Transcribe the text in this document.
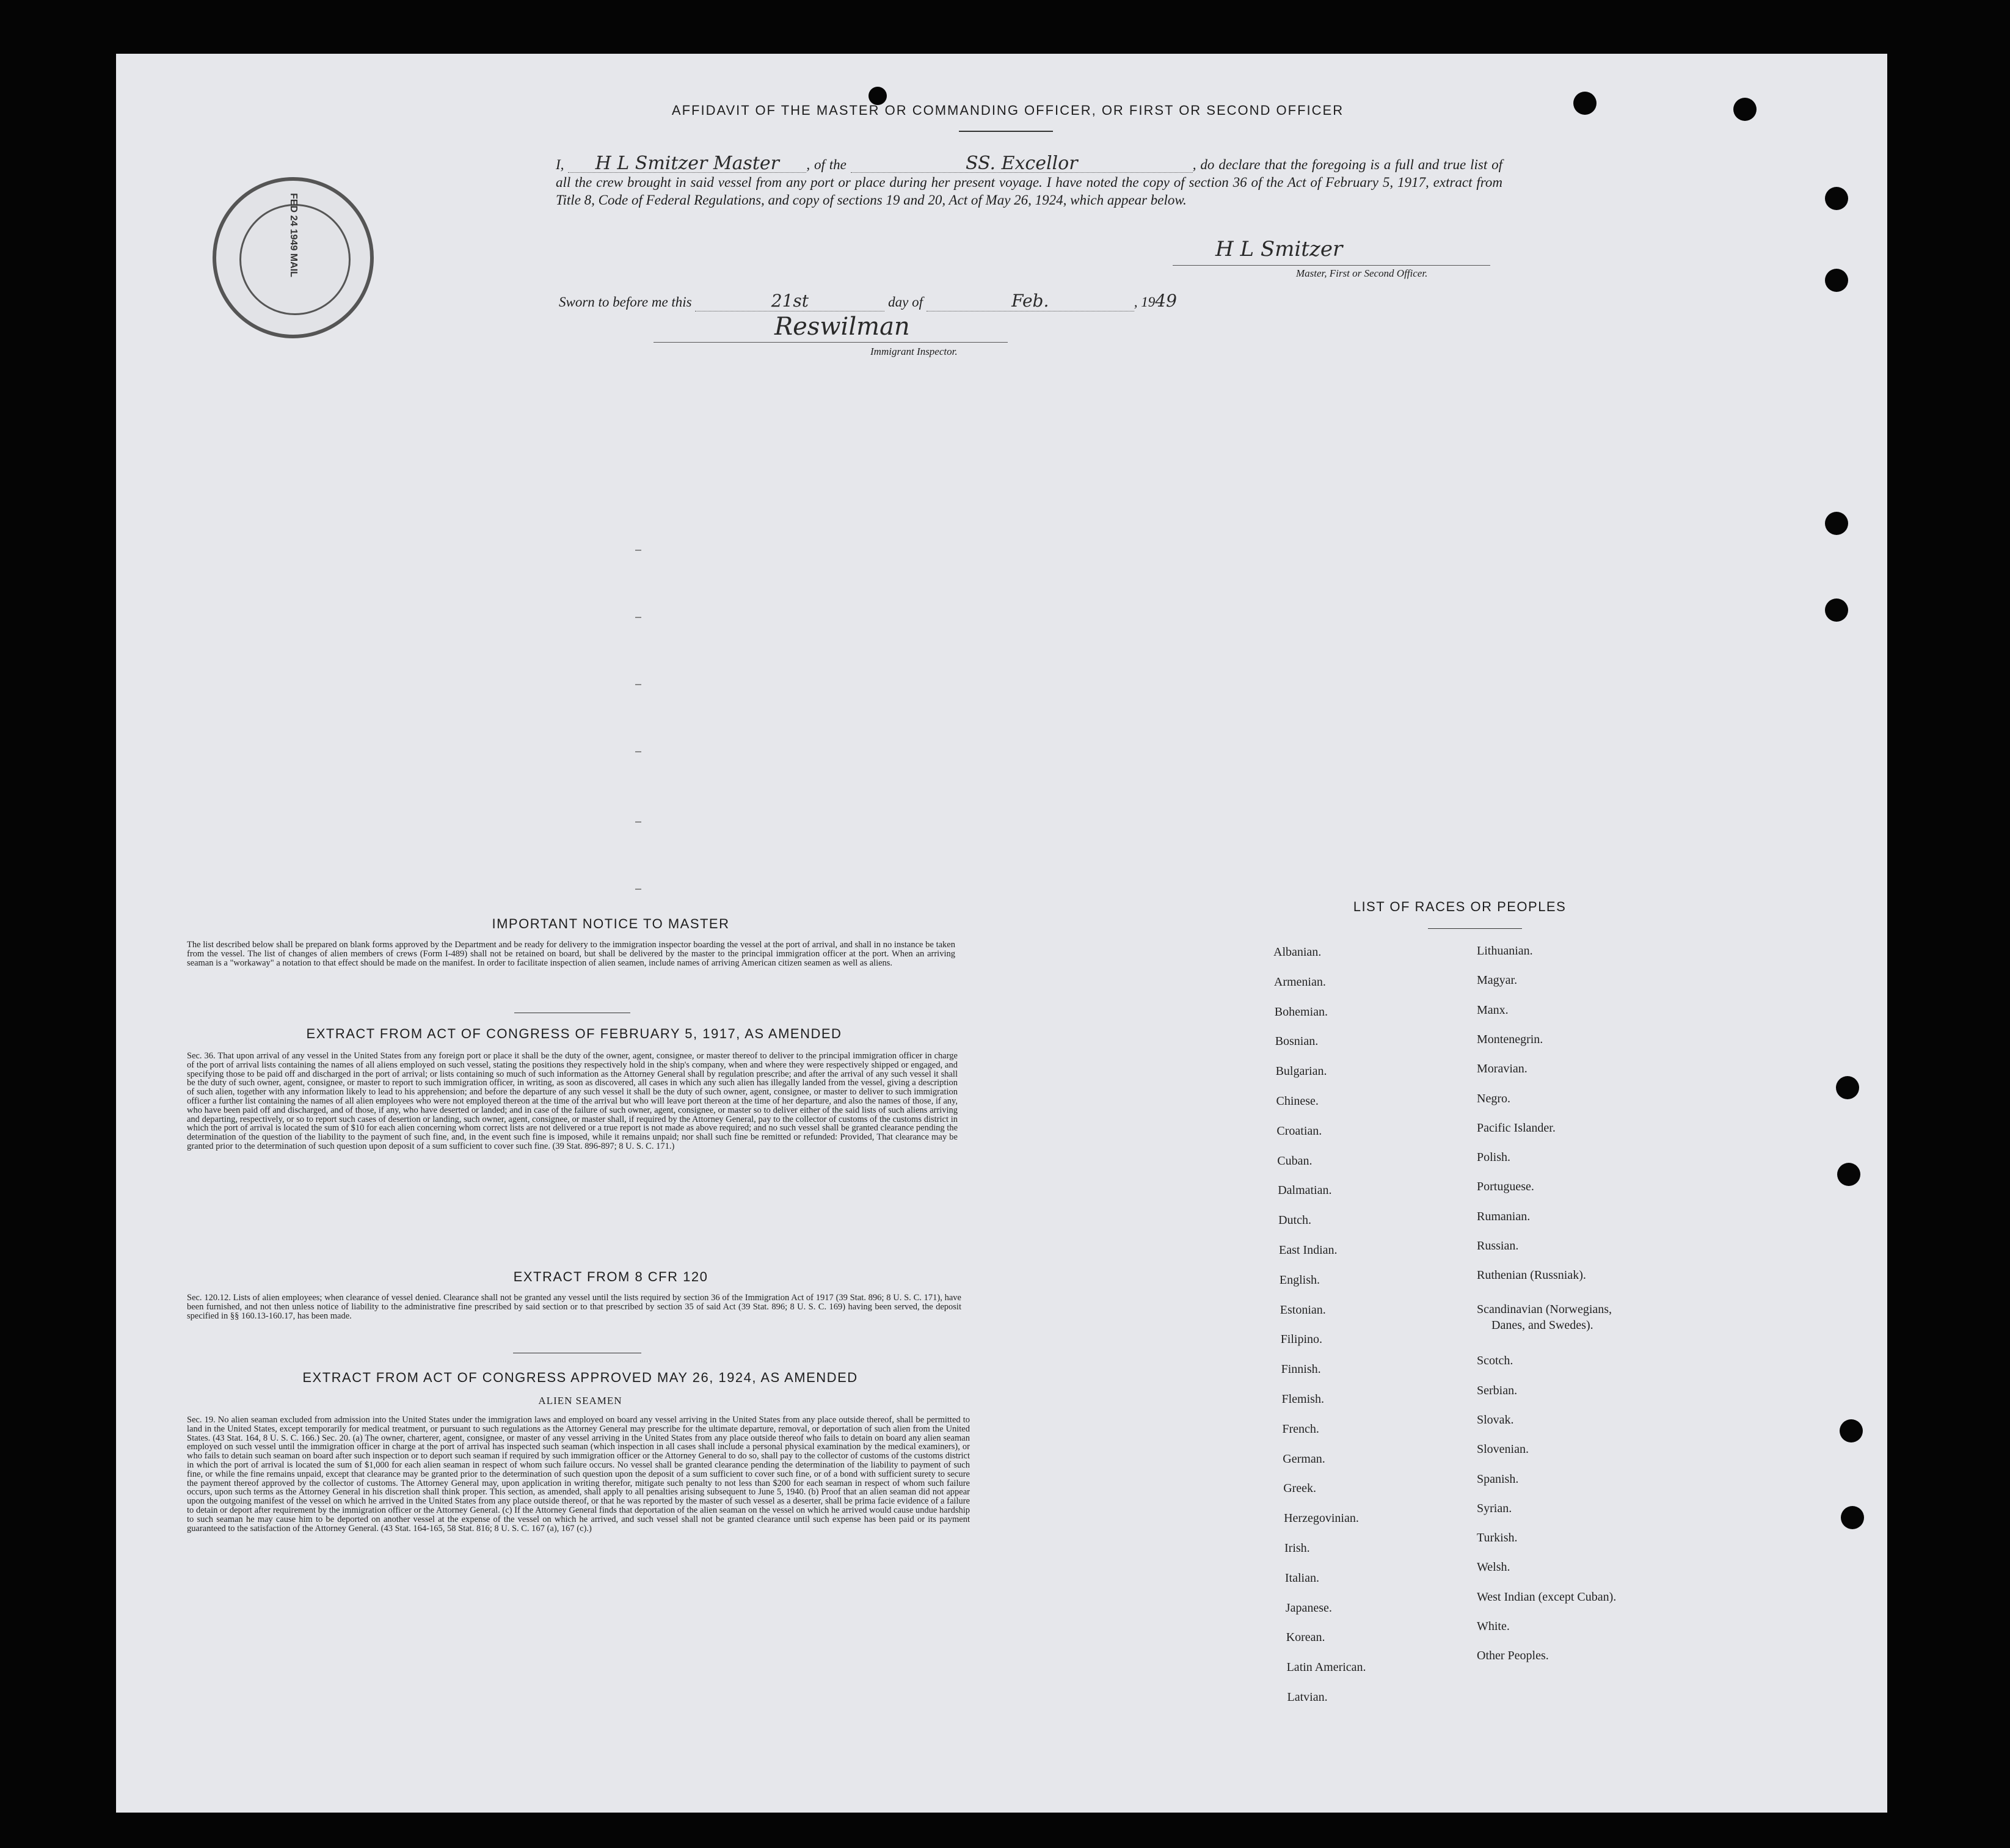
AFFIDAVIT OF THE MASTER OR COMMANDING OFFICER, OR FIRST OR SECOND OFFICER
I, H L Smitzer Master , of the	SS. Excellor	, do declare that the foregoing is a full and true list of all the crew brought in said vessel from any port or place during her present voyage. I have noted the copy of section 36 of the Act of February 5, 1917, extract from Title 8, Code of Federal Regulations, and copy of sections 19 and 20, Act of May 26, 1924, which appear below.
H L Smitzer
Master, First or Second Officer.
Sworn to before me this	21st	day of	Feb.	, 1949
Reswilman
Immigrant Inspector.
FED 24 1949 MAIL
IMPORTANT NOTICE TO MASTER
The list described below shall be prepared on blank forms approved by the Department and be ready for delivery to the immigration inspector boarding the vessel at the port of arrival, and shall in no instance be taken from the vessel. The list of changes of alien members of crews (Form I-489) shall not be retained on board, but shall be delivered by the master to the principal immigration officer at the port. When an arriving seaman is a "workaway" a notation to that effect should be made on the manifest. In order to facilitate inspection of alien seamen, include names of arriving American citizen seamen as well as aliens.
EXTRACT FROM ACT OF CONGRESS OF FEBRUARY 5, 1917, AS AMENDED
Sec. 36. That upon arrival of any vessel in the United States from any foreign port or place it shall be the duty of the owner, agent, consignee, or master thereof to deliver to the principal immigration officer in charge of the port of arrival lists containing the names of all aliens employed on such vessel, stating the positions they respectively hold in the ship's company, when and where they were respectively shipped or engaged, and specifying those to be paid off and discharged in the port of arrival; or lists containing so much of such information as the Attorney General shall by regulation prescribe; and after the arrival of any such vessel it shall be the duty of such owner, agent, consignee, or master to report to such immigration officer, in writing, as soon as discovered, all cases in which any such alien has illegally landed from the vessel, giving a description of such alien, together with any information likely to lead to his apprehension; and before the departure of any such vessel it shall be the duty of such owner, agent, consignee, or master to deliver to such immigration officer a further list containing the names of all alien employees who were not employed thereon at the time of the arrival but who will leave port thereon at the time of her departure, and also the names of those, if any, who have been paid off and discharged, and of those, if any, who have deserted or landed; and in case of the failure of such owner, agent, consignee, or master so to deliver either of the said lists of such aliens arriving and departing, respectively, or so to report such cases of desertion or landing, such owner, agent, consignee, or master shall, if required by the Attorney General, pay to the collector of customs of the customs district in which the port of arrival is located the sum of $10 for each alien concerning whom correct lists are not delivered or a true report is not made as above required; and no such vessel shall be granted clearance pending the determination of the question of the liability to the payment of such fine, and, in the event such fine is imposed, while it remains unpaid; nor shall such fine be remitted or refunded: Provided, That clearance may be granted prior to the determination of such question upon deposit of a sum sufficient to cover such fine. (39 Stat. 896-897; 8 U. S. C. 171.)
EXTRACT FROM 8 CFR 120
Sec. 120.12. Lists of alien employees; when clearance of vessel denied. Clearance shall not be granted any vessel until the lists required by section 36 of the Immigration Act of 1917 (39 Stat. 896; 8 U. S. C. 171), have been furnished, and not then unless notice of liability to the administrative fine prescribed by said section or to that prescribed by section 35 of said Act (39 Stat. 896; 8 U. S. C. 169) having been served, the deposit specified in §§ 160.13-160.17, has been made.
EXTRACT FROM ACT OF CONGRESS APPROVED MAY 26, 1924, AS AMENDED
ALIEN SEAMEN
Sec. 19. No alien seaman excluded from admission into the United States under the immigration laws and employed on board any vessel arriving in the United States from any place outside thereof, shall be permitted to land in the United States, except temporarily for medical treatment, or pursuant to such regulations as the Attorney General may prescribe for the ultimate departure, removal, or deportation of such alien from the United States. (43 Stat. 164, 8 U. S. C. 166.) Sec. 20. (a) The owner, charterer, agent, consignee, or master of any vessel arriving in the United States from any place outside thereof who fails to detain on board any alien seaman employed on such vessel until the immigration officer in charge at the port of arrival has inspected such seaman (which inspection in all cases shall include a personal physical examination by the medical examiners), or who fails to detain such seaman on board after such inspection or to deport such seaman if required by such immigration officer or the Attorney General to do so, shall pay to the collector of customs of the customs district in which the port of arrival is located the sum of $1,000 for each alien seaman in respect of whom such failure occurs. No vessel shall be granted clearance pending the determination of the liability to payment of such fine, or while the fine remains unpaid, except that clearance may be granted prior to the determination of such question upon the deposit of a sum sufficient to cover such fine, or of a bond with sufficient surety to secure the payment thereof approved by the collector of customs. The Attorney General may, upon application in writing therefor, mitigate such penalty to not less than $200 for each seaman in respect of whom such failure occurs, upon such terms as the Attorney General in his discretion shall think proper. This section, as amended, shall apply to all penalties arising subsequent to June 5, 1940. (b) Proof that an alien seaman did not appear upon the outgoing manifest of the vessel on which he arrived in the United States from any place outside thereof, or that he was reported by the master of such vessel as a deserter, shall be prima facie evidence of a failure to detain or deport after requirement by the immigration officer or the Attorney General. (c) If the Attorney General finds that deportation of the alien seaman on the vessel on which he arrived would cause undue hardship to such seaman he may cause him to be deported on another vessel at the expense of the vessel on which he arrived, and such vessel shall not be granted clearance until such expense has been paid or its payment guaranteed to the satisfaction of the Attorney General. (43 Stat. 164-165, 58 Stat. 816; 8 U. S. C. 167 (a), 167 (c).)
LIST OF RACES OR PEOPLES
Albanian.
Armenian.
Bohemian.
Bosnian.
Bulgarian.
Chinese.
Croatian.
Cuban.
Dalmatian.
Dutch.
East Indian.
English.
Estonian.
Filipino.
Finnish.
Flemish.
French.
German.
Greek.
Herzegovinian.
Irish.
Italian.
Japanese.
Korean.
Latin American.
Latvian.
Lithuanian.
Magyar.
Manx.
Montenegrin.
Moravian.
Negro.
Pacific Islander.
Polish.
Portuguese.
Rumanian.
Russian.
Ruthenian (Russniak).
Scandinavian (Norwegians,
Danes, and Swedes).
Scotch.
Serbian.
Slovak.
Slovenian.
Spanish.
Syrian.
Turkish.
Welsh.
West Indian (except Cuban).
White.
Other Peoples.
